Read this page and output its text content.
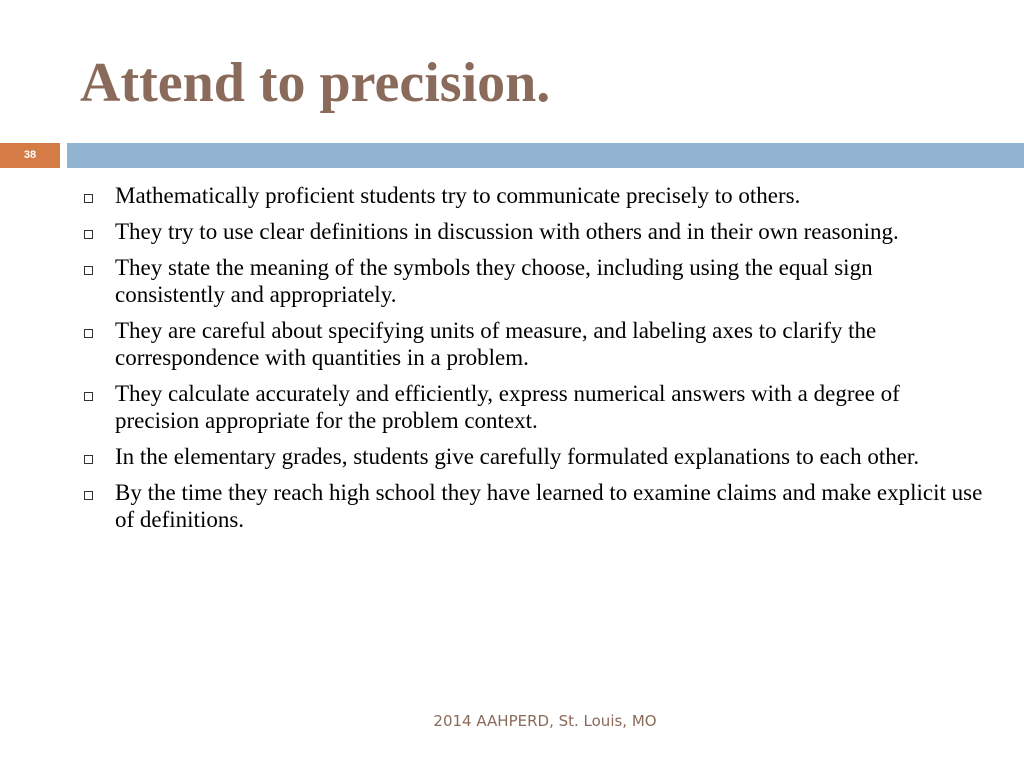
Attend to precision.
38
Mathematically proficient students try to communicate precisely to others.
They try to use clear definitions in discussion with others and in their own reasoning.
They state the meaning of the symbols they choose, including using the equal sign consistently and appropriately.
They are careful about specifying units of measure, and labeling axes to clarify the correspondence with quantities in a problem.
They calculate accurately and efficiently, express numerical answers with a degree of precision appropriate for the problem context.
In the elementary grades, students give carefully formulated explanations to each other.
By the time they reach high school they have learned to examine claims and make explicit use of definitions.
2014 AAHPERD, St. Louis, MO
